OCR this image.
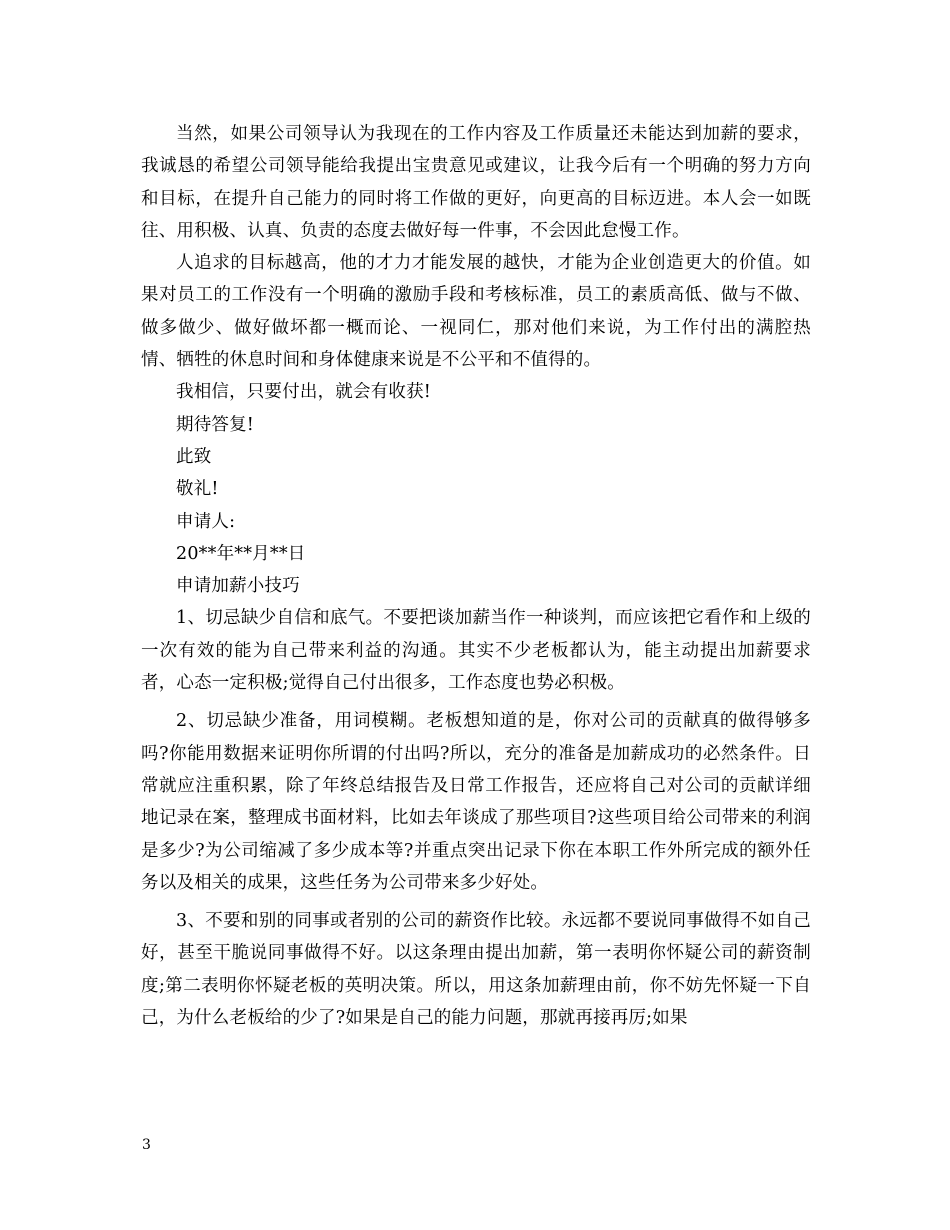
当然，如果公司领导认为我现在的工作内容及工作质量还未能达到加薪的要求，我诚恳的希望公司领导能给我提出宝贵意见或建议，让我今后有一个明确的努力方向和目标，在提升自己能力的同时将工作做的更好，向更高的目标迈进。本人会一如既往、用积极、认真、负责的态度去做好每一件事，不会因此怠慢工作。

人追求的目标越高，他的才力才能发展的越快，才能为企业创造更大的价值。如果对员工的工作没有一个明确的激励手段和考核标准，员工的素质高低、做与不做、做多做少、做好做坏都一概而论、一视同仁，那对他们来说，为工作付出的满腔热情、牺牲的休息时间和身体健康来说是不公平和不值得的。

我相信，只要付出，就会有收获!

期待答复!

此致

敬礼!

申请人:

20**年**月**日

申请加薪小技巧

1、切忌缺少自信和底气。不要把谈加薪当作一种谈判，而应该把它看作和上级的一次有效的能为自己带来利益的沟通。其实不少老板都认为，能主动提出加薪要求者，心态一定积极;觉得自己付出很多，工作态度也势必积极。

2、切忌缺少准备，用词模糊。老板想知道的是，你对公司的贡献真的做得够多吗?你能用数据来证明你所谓的付出吗?所以，充分的准备是加薪成功的必然条件。日常就应注重积累，除了年终总结报告及日常工作报告，还应将自己对公司的贡献详细地记录在案，整理成书面材料，比如去年谈成了那些项目?这些项目给公司带来的利润是多少?为公司缩减了多少成本等?并重点突出记录下你在本职工作外所完成的额外任务以及相关的成果，这些任务为公司带来多少好处。

3、不要和别的同事或者别的公司的薪资作比较。永远都不要说同事做得不如自己好，甚至干脆说同事做得不好。以这条理由提出加薪，第一表明你怀疑公司的薪资制度;第二表明你怀疑老板的英明决策。所以，用这条加薪理由前，你不妨先怀疑一下自己，为什么老板给的少了?如果是自己的能力问题，那就再接再厉;如果

3
